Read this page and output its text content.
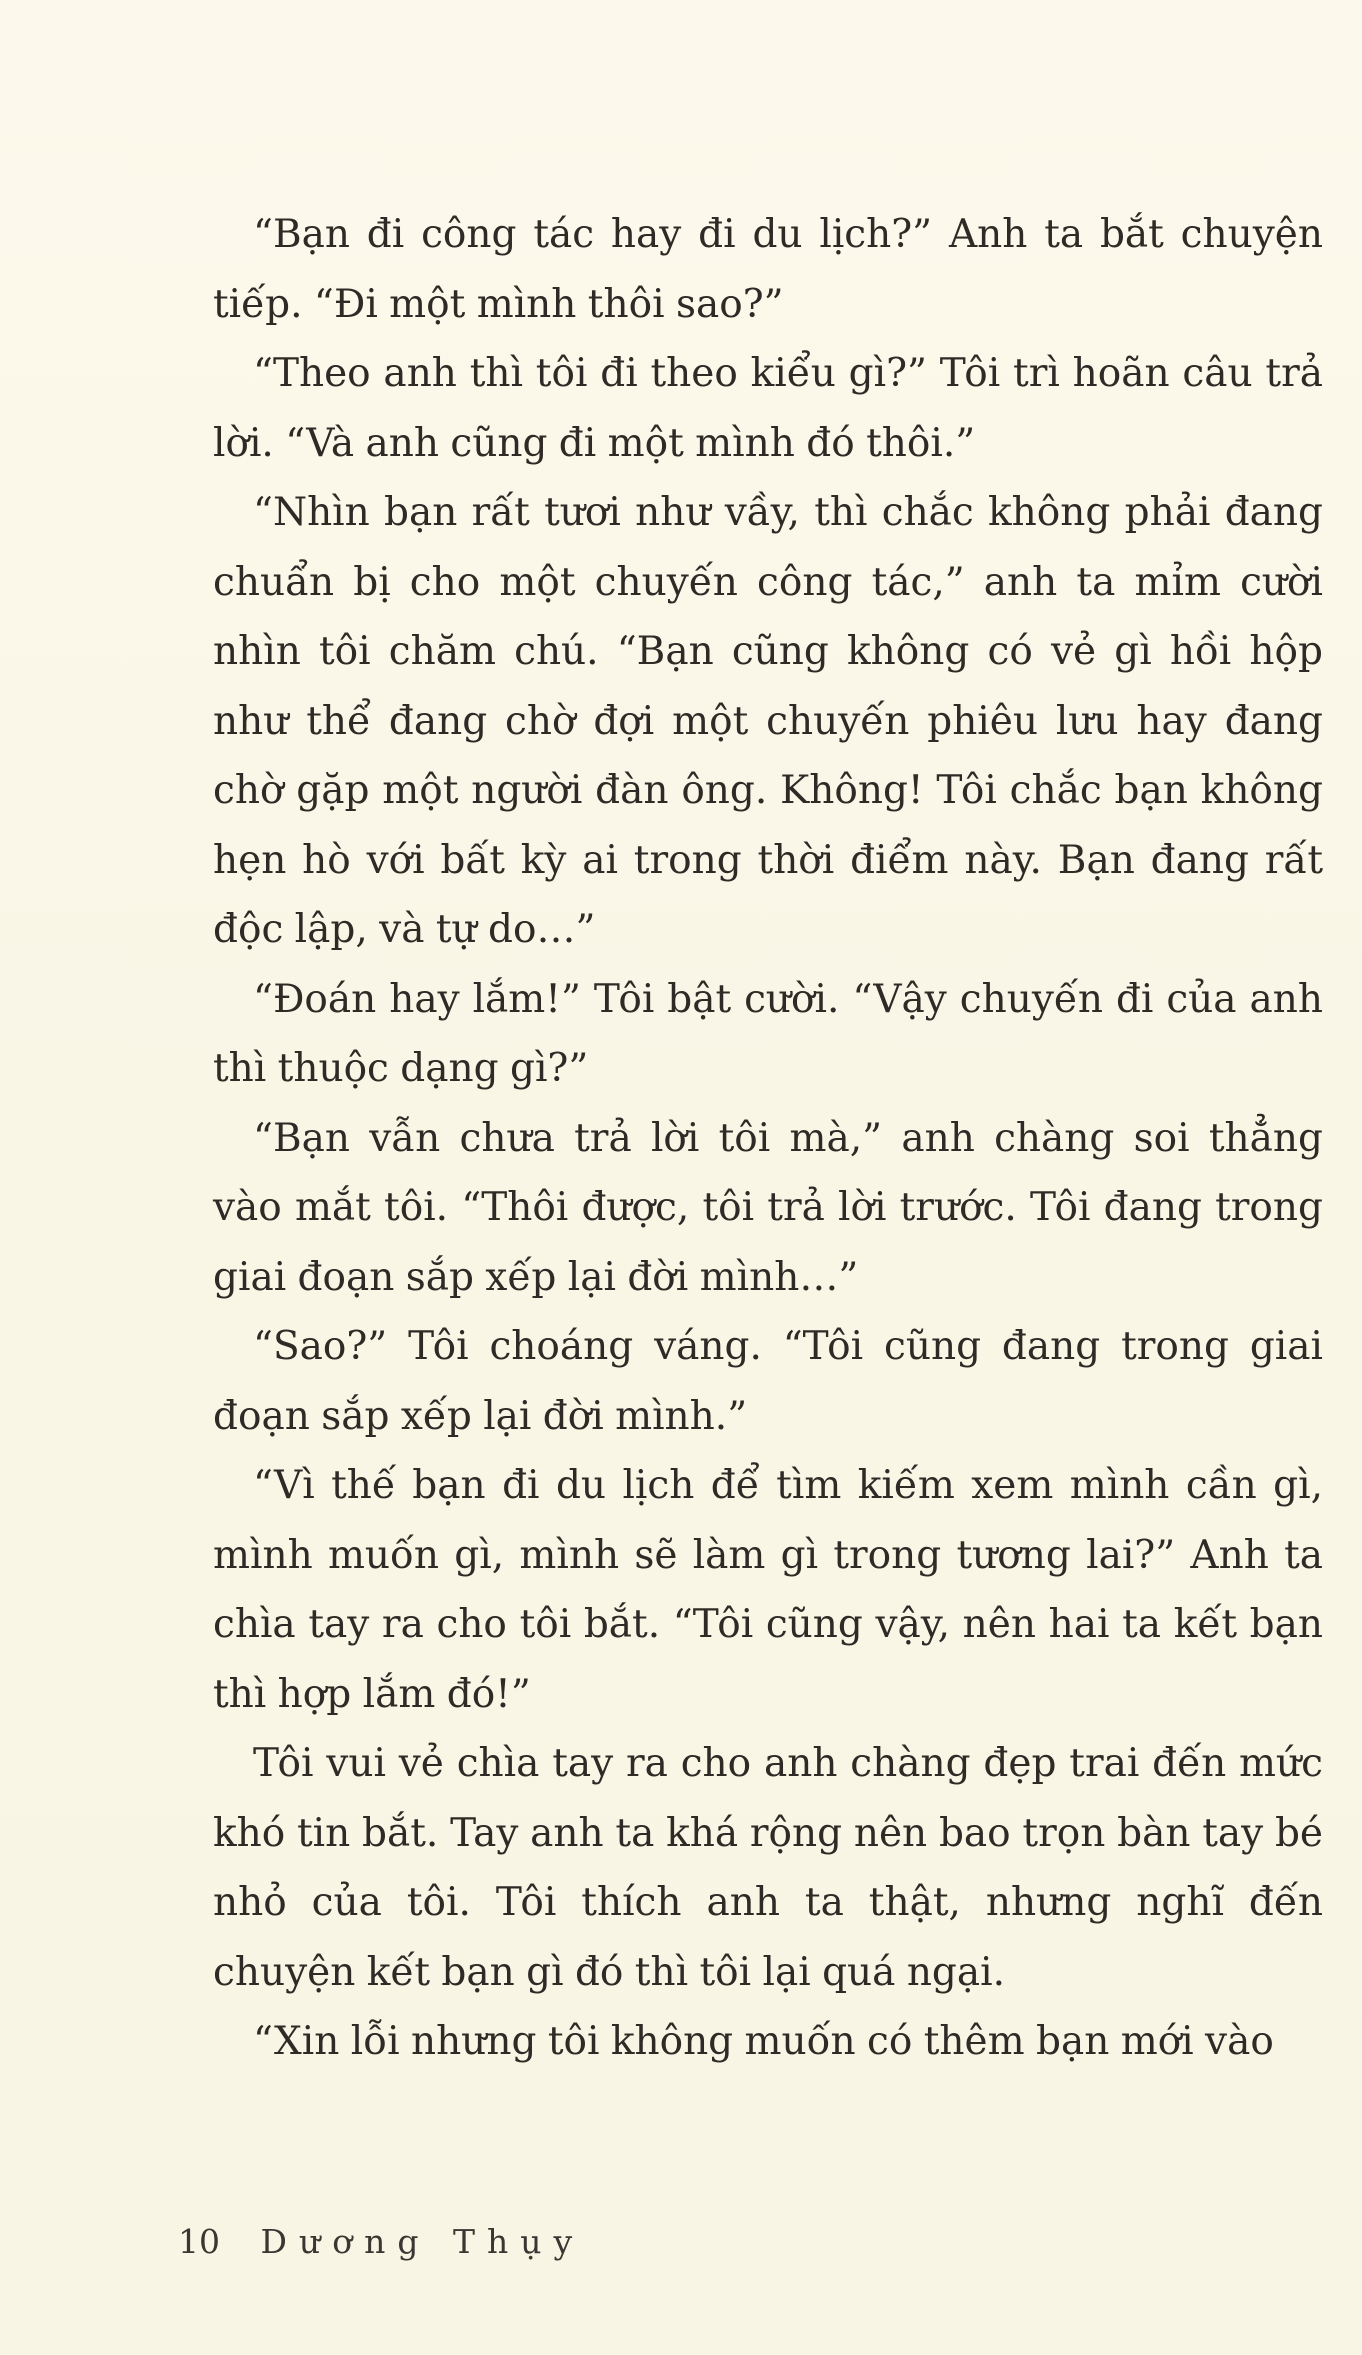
“Bạn đi công tác hay đi du lịch?” Anh ta bắt chuyện tiếp. “Đi một mình thôi sao?”

“Theo anh thì tôi đi theo kiểu gì?” Tôi trì hoãn câu trả lời. “Và anh cũng đi một mình đó thôi.”

“Nhìn bạn rất tươi như vầy, thì chắc không phải đang chuẩn bị cho một chuyến công tác,” anh ta mỉm cười nhìn tôi chăm chú. “Bạn cũng không có vẻ gì hồi hộp như thể đang chờ đợi một chuyến phiêu lưu hay đang chờ gặp một người đàn ông. Không! Tôi chắc bạn không hẹn hò với bất kỳ ai trong thời điểm này. Bạn đang rất độc lập, và tự do…”

“Đoán hay lắm!” Tôi bật cười. “Vậy chuyến đi của anh thì thuộc dạng gì?”

“Bạn vẫn chưa trả lời tôi mà,” anh chàng soi thẳng vào mắt tôi. “Thôi được, tôi trả lời trước. Tôi đang trong giai đoạn sắp xếp lại đời mình…”

“Sao?” Tôi choáng váng. “Tôi cũng đang trong giai đoạn sắp xếp lại đời mình.”

“Vì thế bạn đi du lịch để tìm kiếm xem mình cần gì, mình muốn gì, mình sẽ làm gì trong tương lai?” Anh ta chìa tay ra cho tôi bắt. “Tôi cũng vậy, nên hai ta kết bạn thì hợp lắm đó!”

Tôi vui vẻ chìa tay ra cho anh chàng đẹp trai đến mức khó tin bắt. Tay anh ta khá rộng nên bao trọn bàn tay bé nhỏ của tôi. Tôi thích anh ta thật, nhưng nghĩ đến chuyện kết bạn gì đó thì tôi lại quá ngại.

“Xin lỗi nhưng tôi không muốn có thêm bạn mới vào

10 Dương Thụy
